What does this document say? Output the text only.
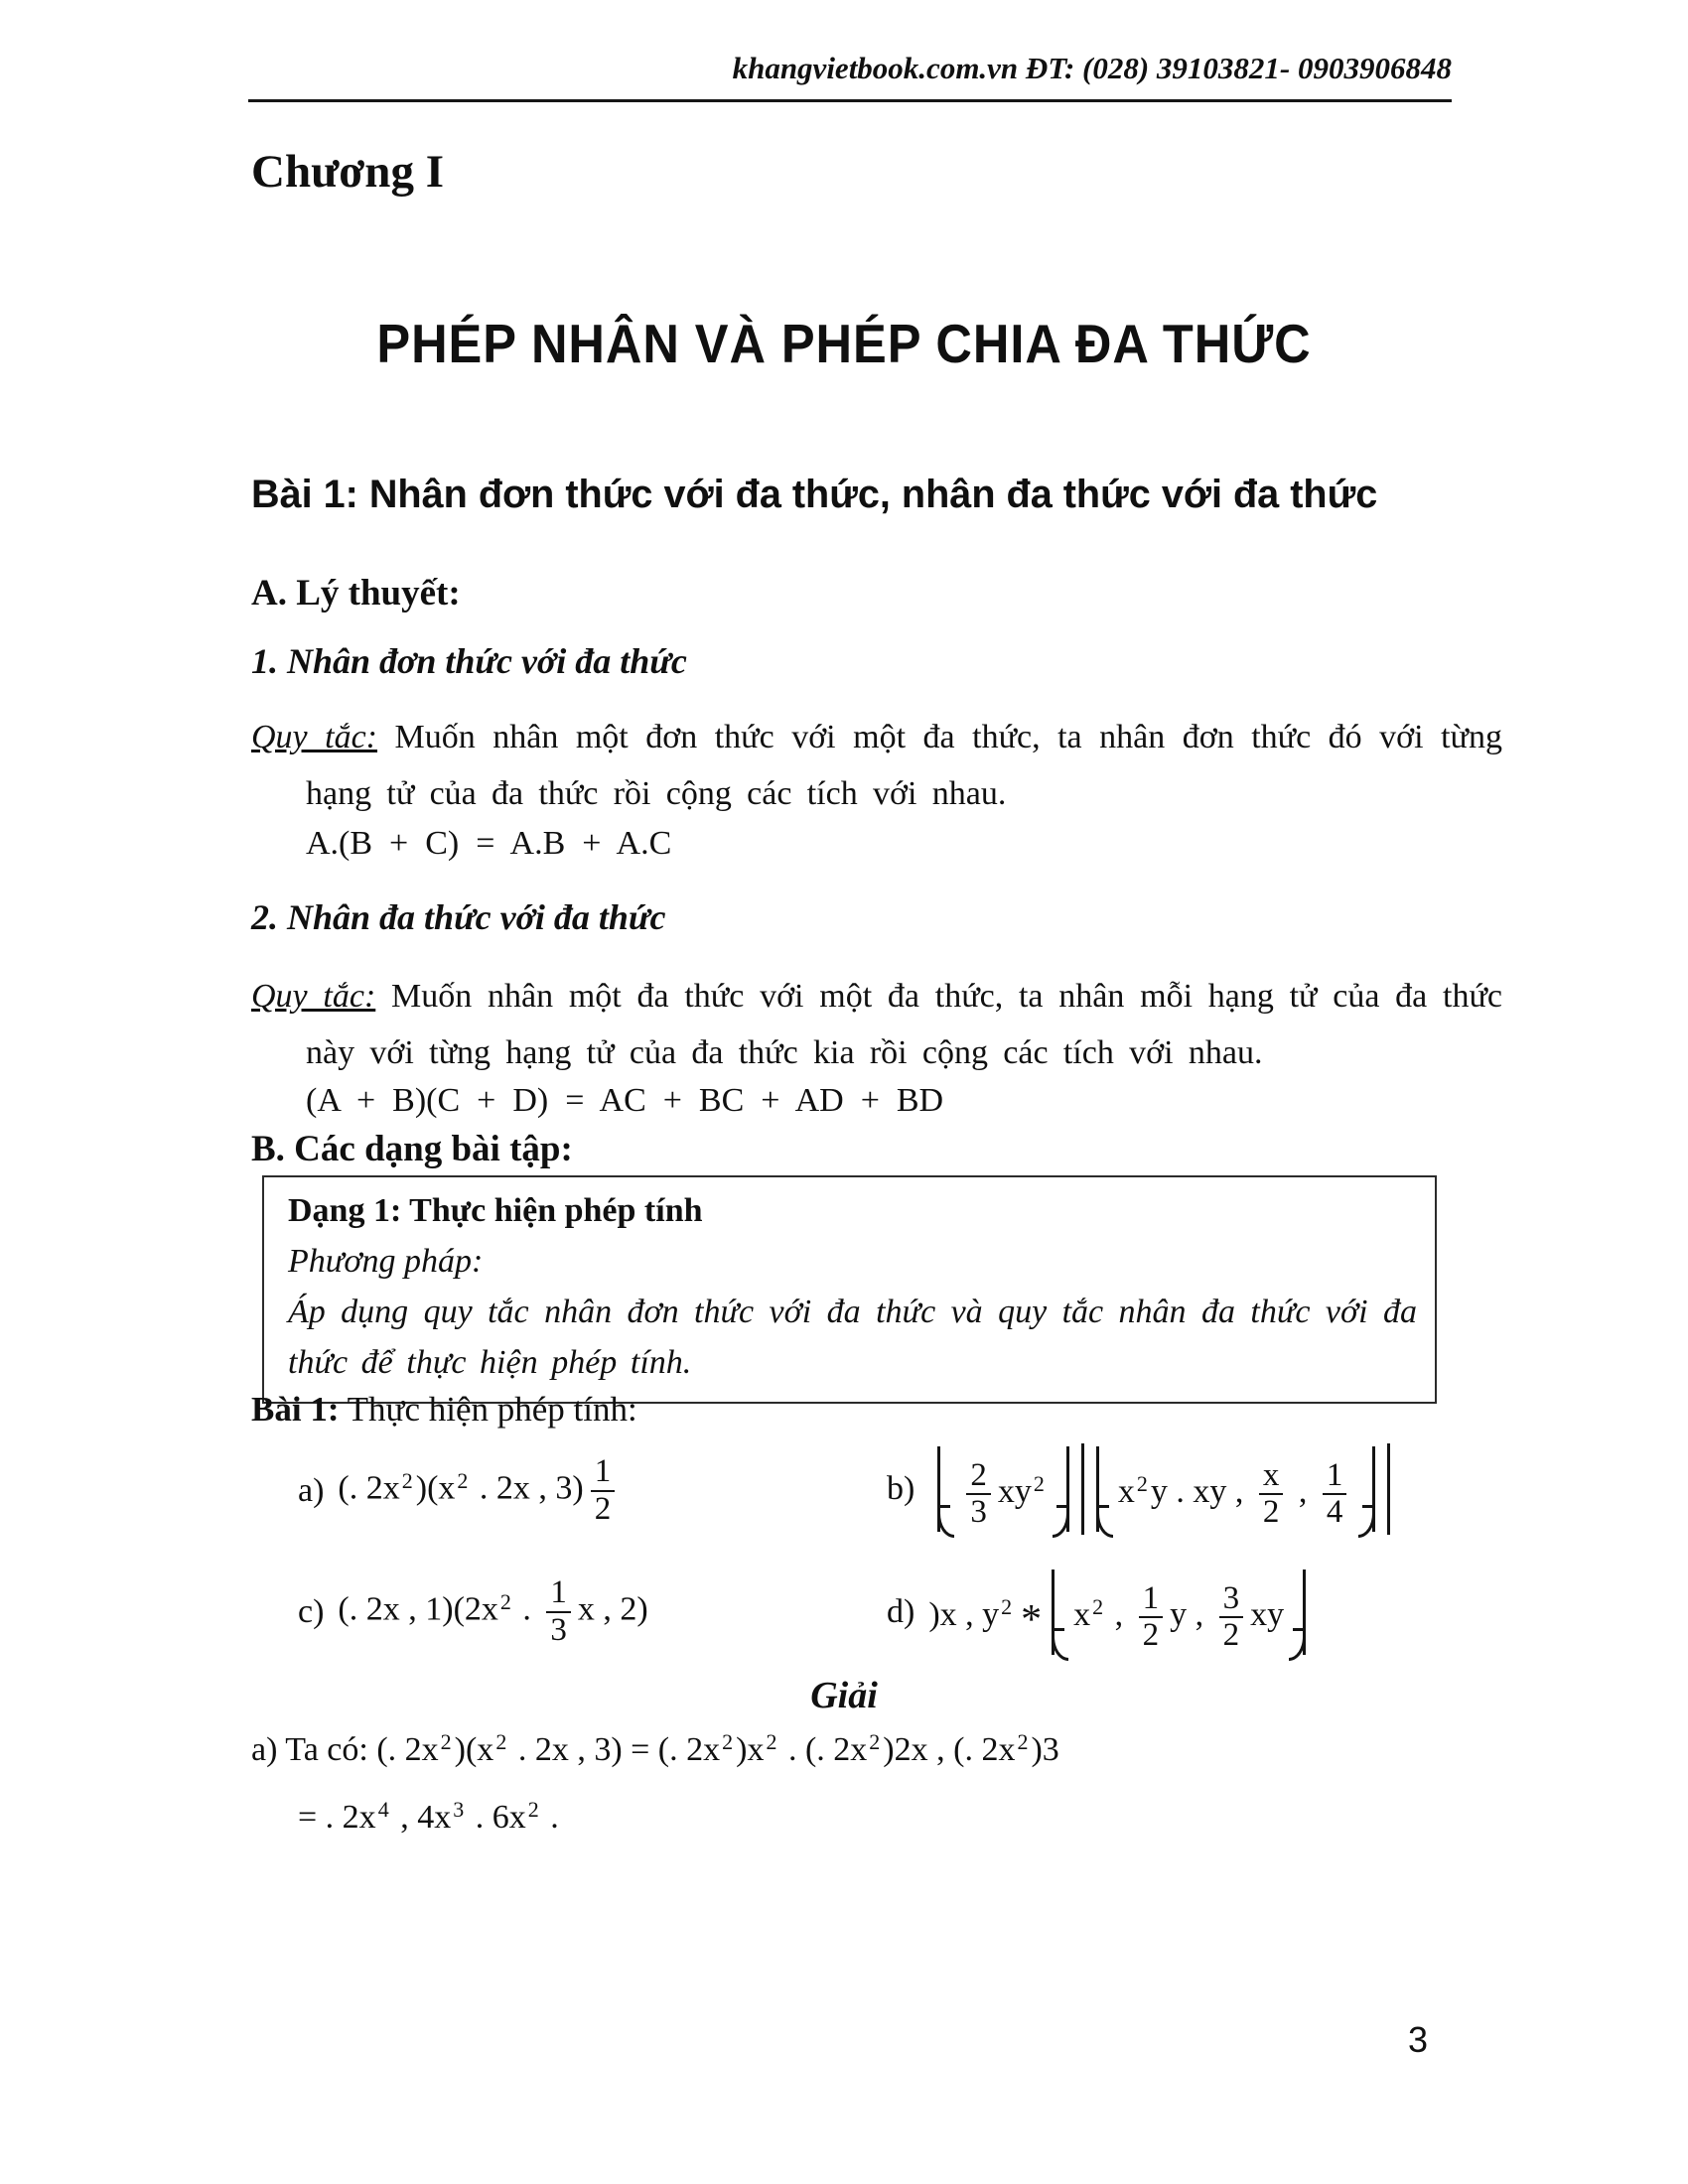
khangvietbook.com.vn ĐT: (028) 39103821- 0903906848
Chương I
PHÉP NHÂN VÀ PHÉP CHIA ĐA THỨC
Bài 1: Nhân đơn thức với đa thức, nhân đa thức với đa thức
A. Lý thuyết:
1. Nhân đơn thức với đa thức
Quy tắc: Muốn nhân một đơn thức với một đa thức, ta nhân đơn thức đó với từng hạng tử của đa thức rồi cộng các tích với nhau.
A.(B + C) = A.B + A.C
2. Nhân đa thức với đa thức
Quy tắc: Muốn nhân một đa thức với một đa thức, ta nhân mỗi hạng tử của đa thức này với từng hạng tử của đa thức kia rồi cộng các tích với nhau.
(A + B)(C + D) = AC + BC + AD + BD
B. Các dạng bài tập:
Dạng 1: Thực hiện phép tính
Phương pháp:
Áp dụng quy tắc nhân đơn thức với đa thức và quy tắc nhân đa thức với đa thức để thực hiện phép tính.
Bài 1: Thực hiện phép tính:
a) (. $2x^2)(x^2$ . 2x , $3) \frac{1}{2}$	$b) \frac{2}{3} xy^2$ $x^2y$ . xy , $\frac{x}{2}$ , $\frac{1}{4}$
c) (. 2x , $1)(2x^2$ . $\frac{1}{3}$ x , 2)	d) )x , $y^2 * x^2$ , $\frac{1}{2}$ y , $\frac{3}{2}$ xy
Giải
a) Ta có: (. $2x^2)(x^2$ . 2x , 3) = (. $2x^2)x^2$ . (. $2x^2)2x$ , (. $2x^2)3$
= . $2x^4$ , $4x^3$ . $6x^2$ .
3
